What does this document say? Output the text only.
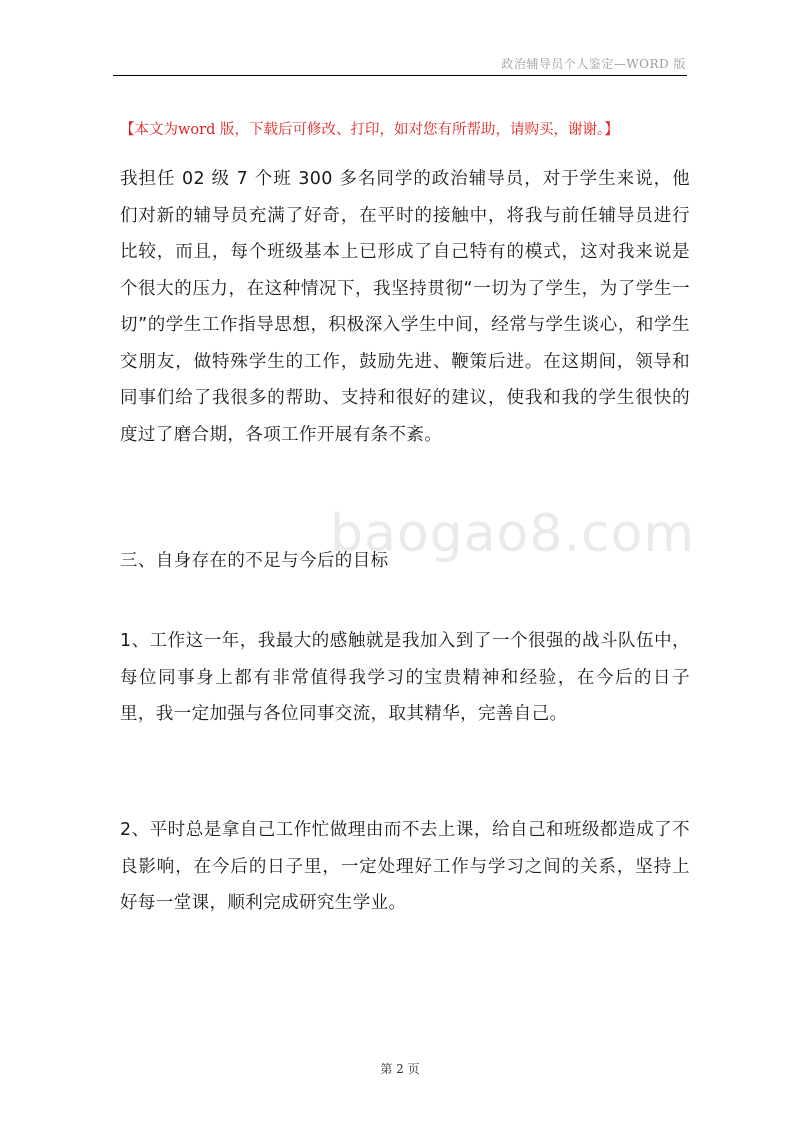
政治辅导员个人鉴定—WORD 版
【本文为word 版，下载后可修改、打印，如对您有所帮助，请购买，谢谢。】
我担任 02 级 7 个班 300 多名同学的政治辅导员，对于学生来说，他们对新的辅导员充满了好奇，在平时的接触中，将我与前任辅导员进行比较，而且，每个班级基本上已形成了自己特有的模式，这对我来说是个很大的压力，在这种情况下，我坚持贯彻“一切为了学生，为了学生一切”的学生工作指导思想，积极深入学生中间，经常与学生谈心，和学生交朋友，做特殊学生的工作，鼓励先进、鞭策后进。在这期间，领导和同事们给了我很多的帮助、支持和很好的建议，使我和我的学生很快的度过了磨合期，各项工作开展有条不紊。
三、自身存在的不足与今后的目标
baogao8.com
1、工作这一年，我最大的感触就是我加入到了一个很强的战斗队伍中，每位同事身上都有非常值得我学习的宝贵精神和经验，在今后的日子里，我一定加强与各位同事交流，取其精华，完善自己。
2、平时总是拿自己工作忙做理由而不去上课，给自己和班级都造成了不良影响，在今后的日子里，一定处理好工作与学习之间的关系，坚持上好每一堂课，顺利完成研究生学业。
第 2 页
